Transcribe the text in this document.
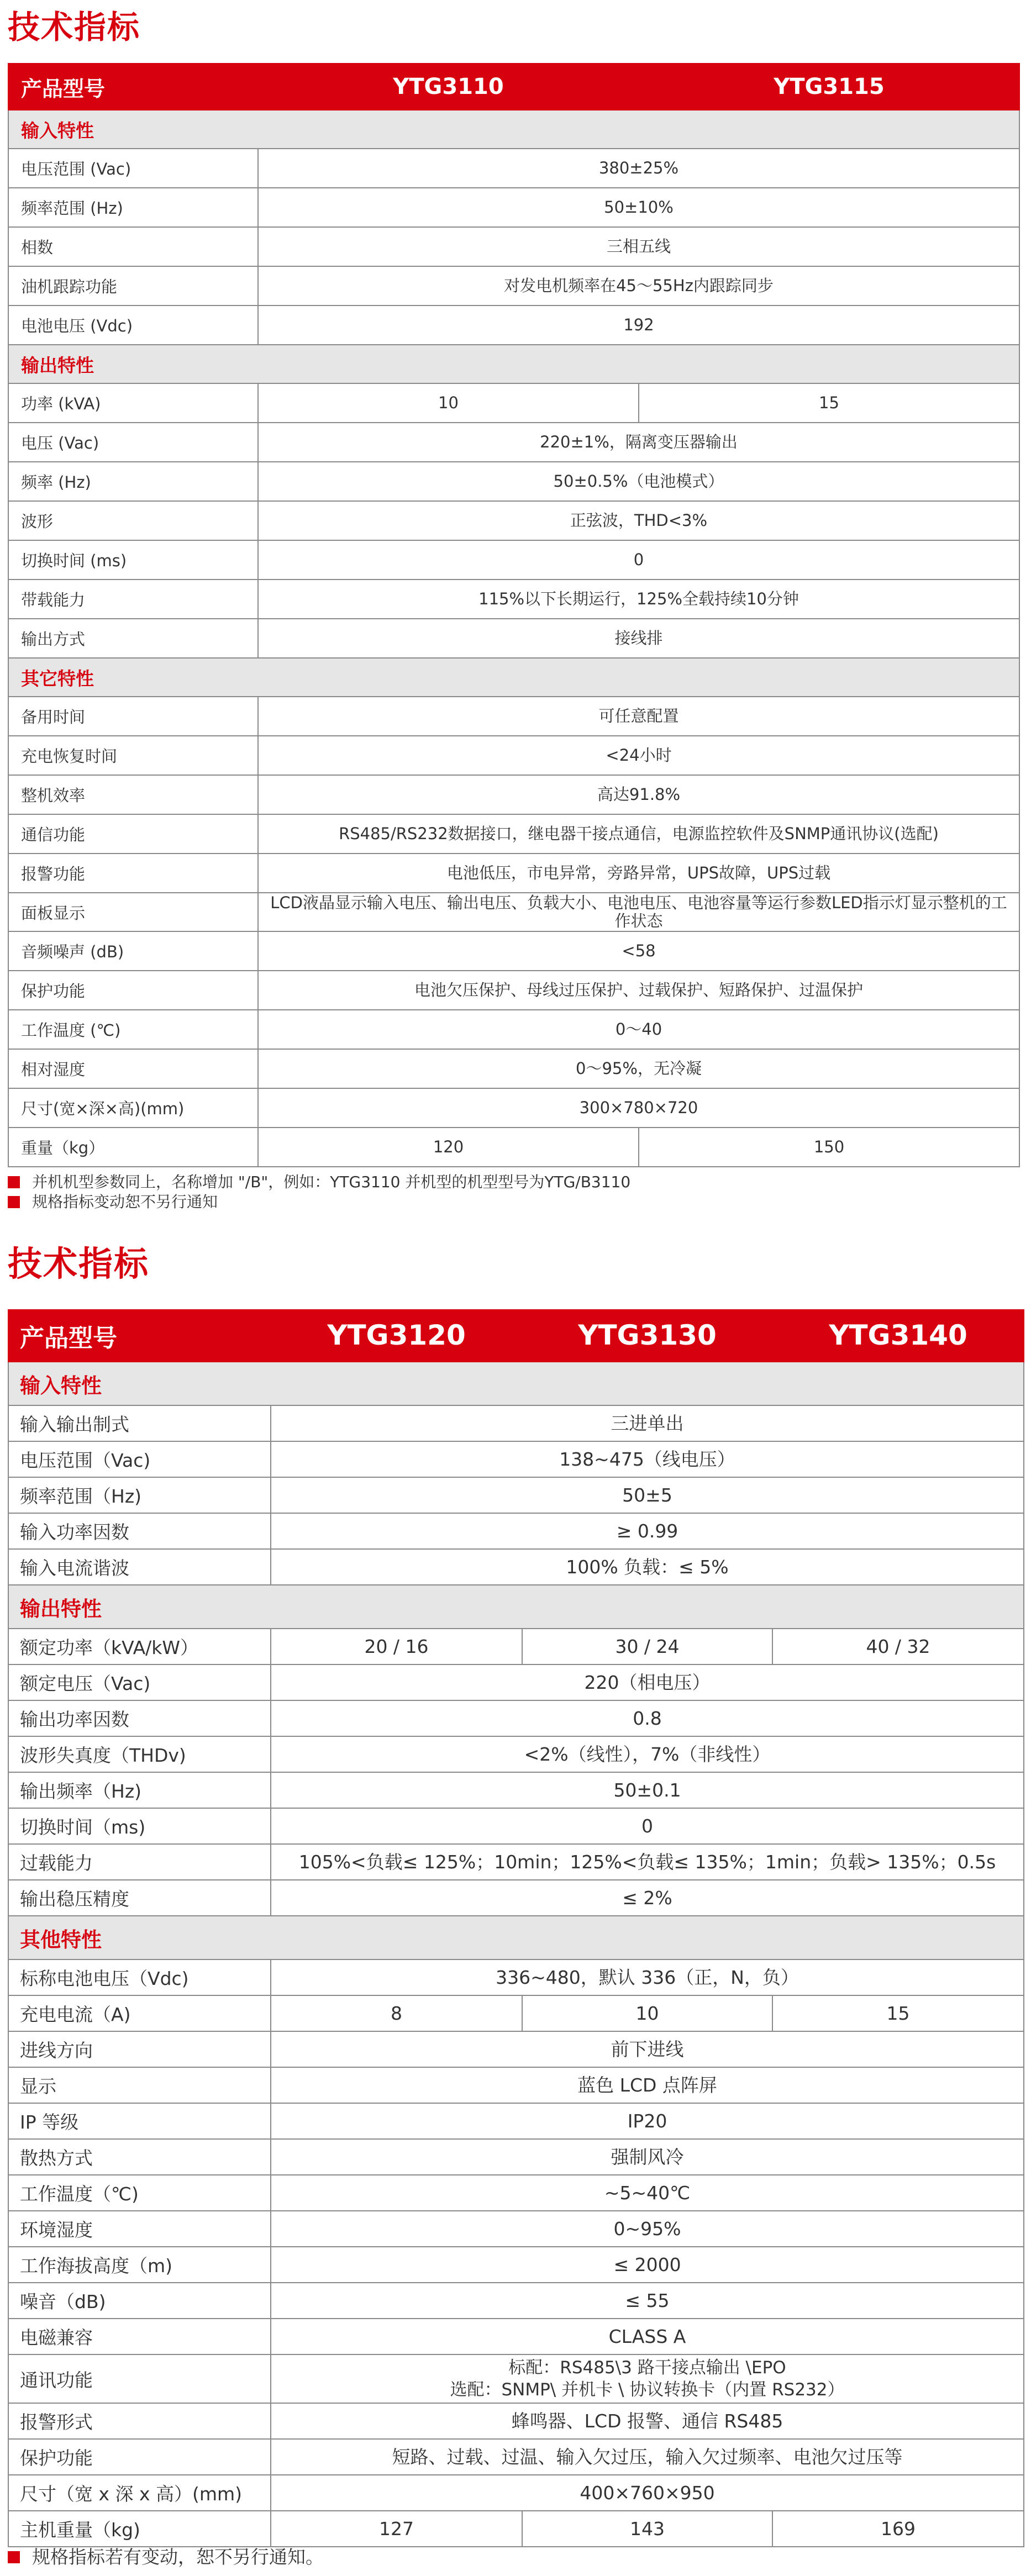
技术指标
产品型号	YTG3110	YTG3115
输入特性		
电压范围 (Vac)	380±25%	
频率范围 (Hz)	50±10%	
相数	三相五线	
油机跟踪功能	对发电机频率在45～55Hz内跟踪同步	
电池电压 (Vdc)	192	
输出特性		
功率 (kVA)	10	15
电压 (Vac)	220±1%，隔离变压器输出	
频率 (Hz)	50±0.5%（电池模式）	
波形	正弦波，THD<3%	
切换时间 (ms)	0	
带载能力	115%以下长期运行，125%全载持续10分钟	
输出方式	接线排	
其它特性		
备用时间	可任意配置	
充电恢复时间	<24小时	
整机效率	高达91.8%	
通信功能	RS485/RS232数据接口，继电器干接点通信，电源监控软件及SNMP通讯协议(选配)	
报警功能	电池低压，市电异常，旁路异常，UPS故障，UPS过载	
面板显示	LCD液晶显示输入电压、输出电压、负载大小、电池电压、电池容量等运行参数LED指示灯显示整机的工作状态	
音频噪声 (dB)	<58	
保护功能	电池欠压保护、母线过压保护、过载保护、短路保护、过温保护	
工作温度 (℃)	0～40	
相对湿度	0～95%，无冷凝	
尺寸(宽×深×高)(mm)	300×780×720	
重量（kg）	120	150
并机机型参数同上，名称增加 "/B"，例如：YTG3110 并机型的机型型号为YTG/B3110
规格指标变动恕不另行通知
技术指标
产品型号	YTG3120	YTG3130	YTG3140
输入特性			
输入输出制式	三进单出		
电压范围（Vac)	138~475（线电压）		
频率范围（Hz)	50±5		
输入功率因数	≥ 0.99		
输入电流谐波	100% 负载：≤ 5%		
输出特性			
额定功率（kVA/kW）	20 / 16	30 / 24	40 / 32
额定电压（Vac)	220（相电压）		
输出功率因数	0.8		
波形失真度（THDv)	<2%（线性），7%（非线性）		
输出频率（Hz)	50±0.1		
切换时间（ms)	0		
过载能力	105%<负载≤ 125%；10min；125%<负载≤ 135%；1min；负载> 135%；0.5s		
输出稳压精度	≤ 2%		
其他特性			
标称电池电压（Vdc)	336~480，默认 336（正，N，负）		
充电电流（A)	8	10	15
进线方向	前下进线		
显示	蓝色 LCD 点阵屏		
IP 等级	IP20		
散热方式	强制风冷		
工作温度（℃)	~5~40℃		
环境湿度	0~95%		
工作海拔高度（m)	≤ 2000		
噪音（dB)	≤ 55		
电磁兼容	CLASS A		
通讯功能	标配：RS485\3 路干接点输出 \EPO
选配：SNMP\ 并机卡 \ 协议转换卡（内置 RS232）		
报警形式	蜂鸣器、LCD 报警、通信 RS485		
保护功能	短路、过载、过温、输入欠过压，输入欠过频率、电池欠过压等		
尺寸（宽 x 深 x 高）(mm)	400×760×950		
主机重量（kg)	127	143	169
规格指标若有变动，恕不另行通知。
